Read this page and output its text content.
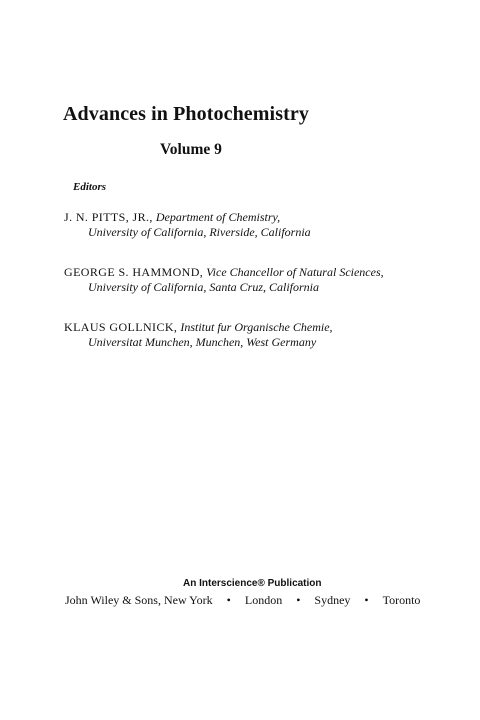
Advances in Photochemistry
Volume 9
Editors
J. N. PITTS, JR., Department of Chemistry,
University of California, Riverside, California
GEORGE S. HAMMOND, Vice Chancellor of Natural Sciences,
University of California, Santa Cruz, California
KLAUS GOLLNICK, Institut fur Organische Chemie,
Universitat Munchen, Munchen, West Germany
An Interscience® Publication
John Wiley & Sons, New York • London • Sydney • Toronto
